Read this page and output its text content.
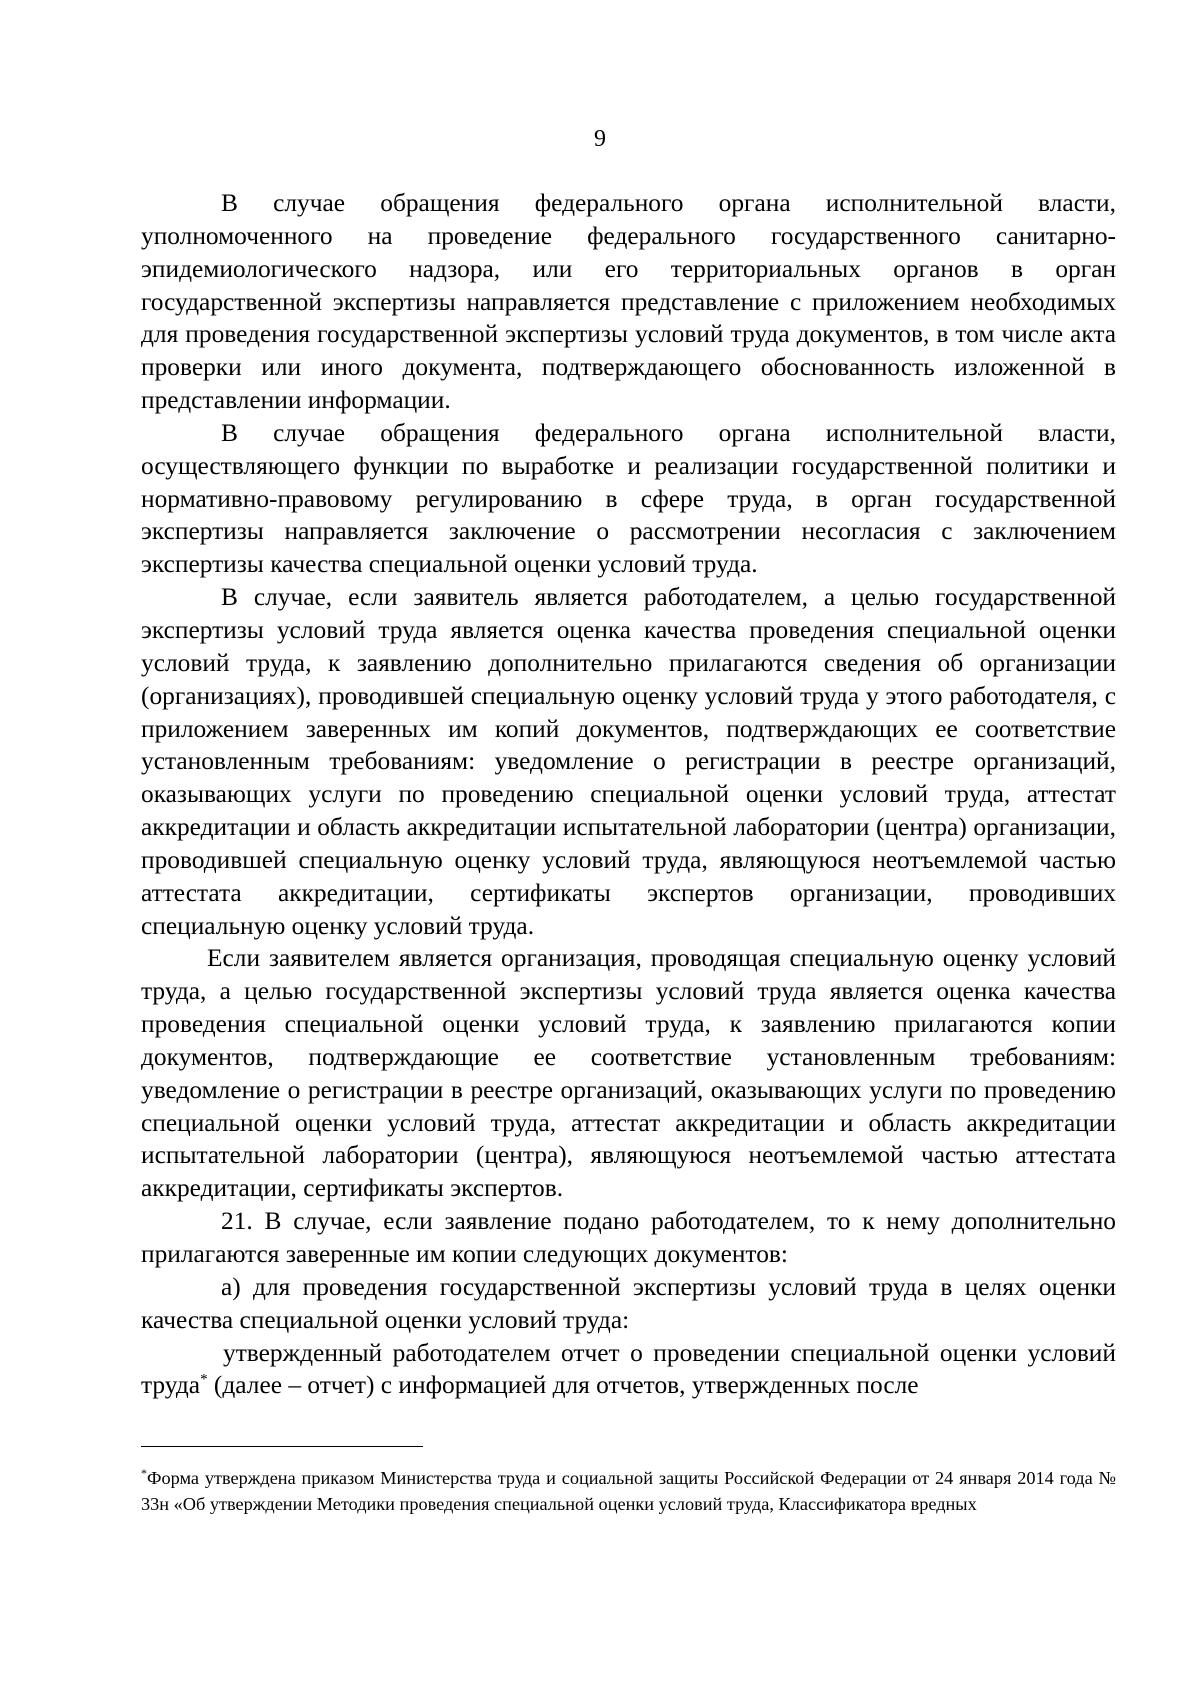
9

В случае обращения федерального органа исполнительной власти, уполномоченного на проведение федерального государственного санитарно-эпидемиологического надзора, или его территориальных органов в орган государственной экспертизы направляется представление с приложением необходимых для проведения государственной экспертизы условий труда документов, в том числе акта проверки или иного документа, подтверждающего обоснованность изложенной в представлении информации.

В случае обращения федерального органа исполнительной власти, осуществляющего функции по выработке и реализации государственной политики и нормативно-правовому регулированию в сфере труда, в орган государственной экспертизы направляется заключение о рассмотрении несогласия с заключением экспертизы качества специальной оценки условий труда.

В случае, если заявитель является работодателем, а целью государственной экспертизы условий труда является оценка качества проведения специальной оценки условий труда, к заявлению дополнительно прилагаются сведения об организации (организациях), проводившей специальную оценку условий труда у этого работодателя, с приложением заверенных им копий документов, подтверждающих ее соответствие установленным требованиям: уведомление о регистрации в реестре организаций, оказывающих услуги по проведению специальной оценки условий труда, аттестат аккредитации и область аккредитации испытательной лаборатории (центра) организации, проводившей специальную оценку условий труда, являющуюся неотъемлемой частью аттестата аккредитации, сертификаты экспертов организации, проводивших специальную оценку условий труда.

Если заявителем является организация, проводящая специальную оценку условий труда, а целью государственной экспертизы условий труда является оценка качества проведения специальной оценки условий труда, к заявлению прилагаются копии документов, подтверждающие ее соответствие установленным требованиям: уведомление о регистрации в реестре организаций, оказывающих услуги по проведению специальной оценки условий труда, аттестат аккредитации и область аккредитации испытательной лаборатории (центра), являющуюся неотъемлемой частью аттестата аккредитации, сертификаты экспертов.

21. В случае, если заявление подано работодателем, то к нему дополнительно прилагаются заверенные им копии следующих документов:

а) для проведения государственной экспертизы условий труда в целях оценки качества специальной оценки условий труда:

утвержденный работодателем отчет о проведении специальной оценки условий труда* (далее – отчет) с информацией для отчетов, утвержденных после

*Форма утверждена приказом Министерства труда и социальной защиты Российской Федерации от 24 января 2014 года № 33н «Об утверждении Методики проведения специальной оценки условий труда, Классификатора вредных
